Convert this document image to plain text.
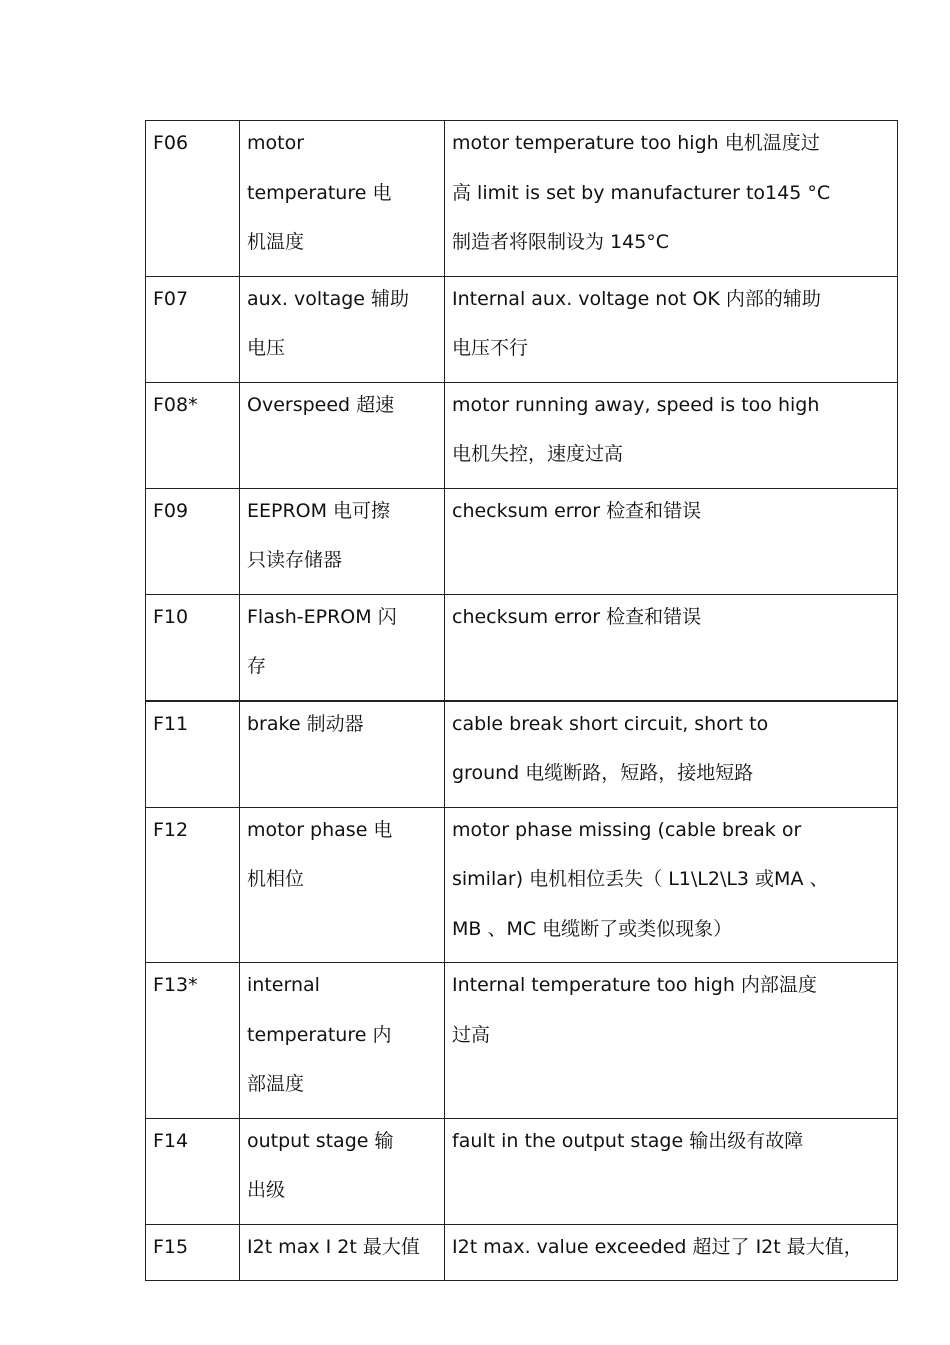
F06	motor
temperature 电
机温度	motor temperature too high 电机温度过
高 limit is set by manufacturer to145 °C
制造者将限制设为 145°C

F07	aux. voltage 辅助
电压	Internal aux. voltage not OK 内部的辅助
电压不行

F08*	Overspeed 超速	motor running away, speed is too high
电机失控，速度过高

F09	EEPROM 电可擦
只读存储器	checksum error 检查和错误

F10	Flash-EPROM 闪
存	checksum error 检查和错误

F11	brake 制动器	cable break short circuit, short to
ground 电缆断路，短路，接地短路

F12	motor phase 电
机相位	motor phase missing (cable break or
similar) 电机相位丢失（ L1\L2\L3 或MA 、
MB 、MC 电缆断了或类似现象）

F13*	internal
temperature 内
部温度	Internal temperature too high 内部温度
过高

F14	output stage 输
出级	fault in the output stage 输出级有故障

F15	I2t max I 2t 最大值	I2t max. value exceeded 超过了 I2t 最大值，
